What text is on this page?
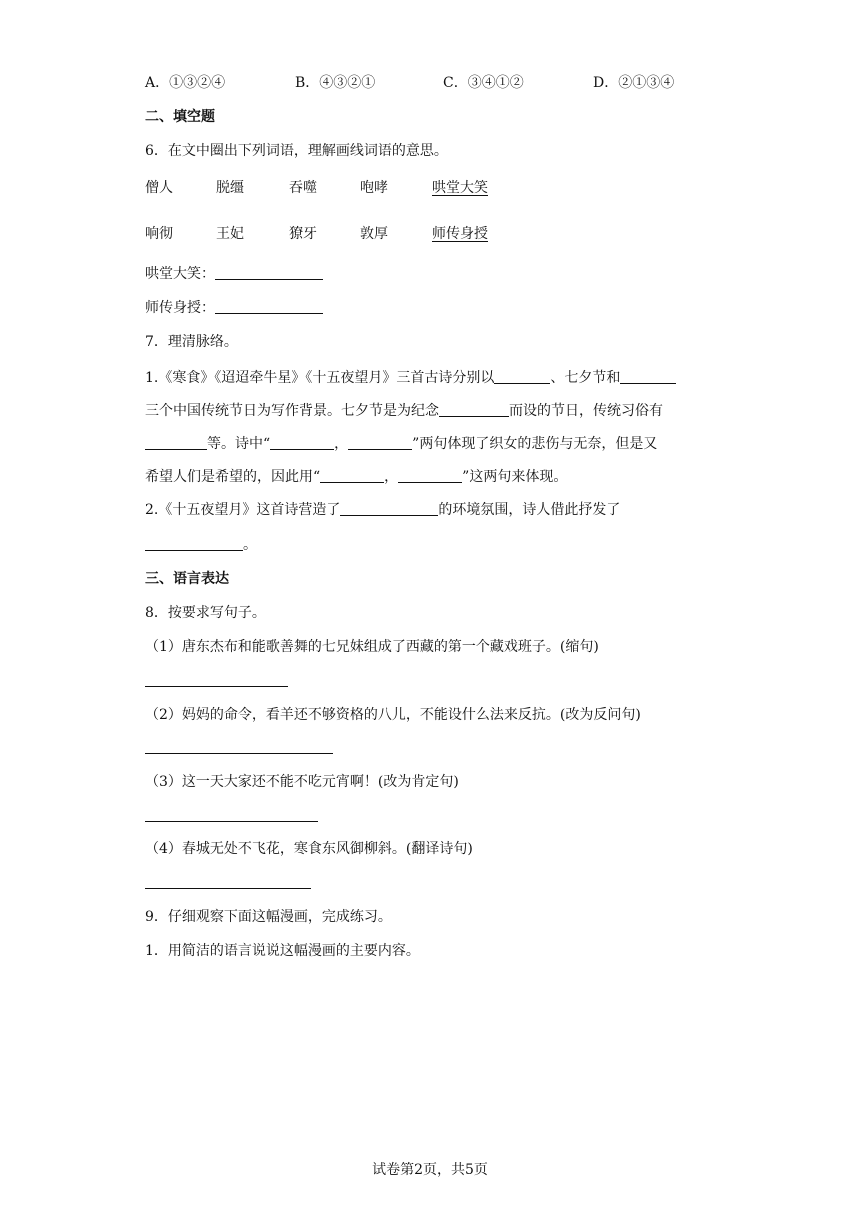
A．①③②④	B．④③②①	C．③④①②	D．②①③④
二、填空题
6．在文中圈出下列词语，理解画线词语的意思。
僧人	脱缰	吞噬	咆哮	哄堂大笑
响彻	王妃	獠牙	敦厚	师传身授
哄堂大笑：
师传身授：
7．理清脉络。
1.《寒食》《迢迢牵牛星》《十五夜望月》三首古诗分别以	、七夕节和
三个中国传统节日为写作背景。七夕节是为纪念	而设的节日，传统习俗有
等。诗中“	，	”两句体现了织女的悲伤与无奈，但是又
希望人们是希望的，因此用“	，	”这两句来体现。
2.《十五夜望月》这首诗营造了	的环境氛围，诗人借此抒发了
。
三、语言表达
8．按要求写句子。
（1）唐东杰布和能歌善舞的七兄妹组成了西藏的第一个藏戏班子。(缩句)
（2）妈妈的命令，看羊还不够资格的八儿，不能设什么法来反抗。(改为反问句)
（3）这一天大家还不能不吃元宵啊！(改为肯定句)
（4）春城无处不飞花，寒食东风御柳斜。(翻译诗句)
9．仔细观察下面这幅漫画，完成练习。
1．用简洁的语言说说这幅漫画的主要内容。
试卷第2页，共5页
